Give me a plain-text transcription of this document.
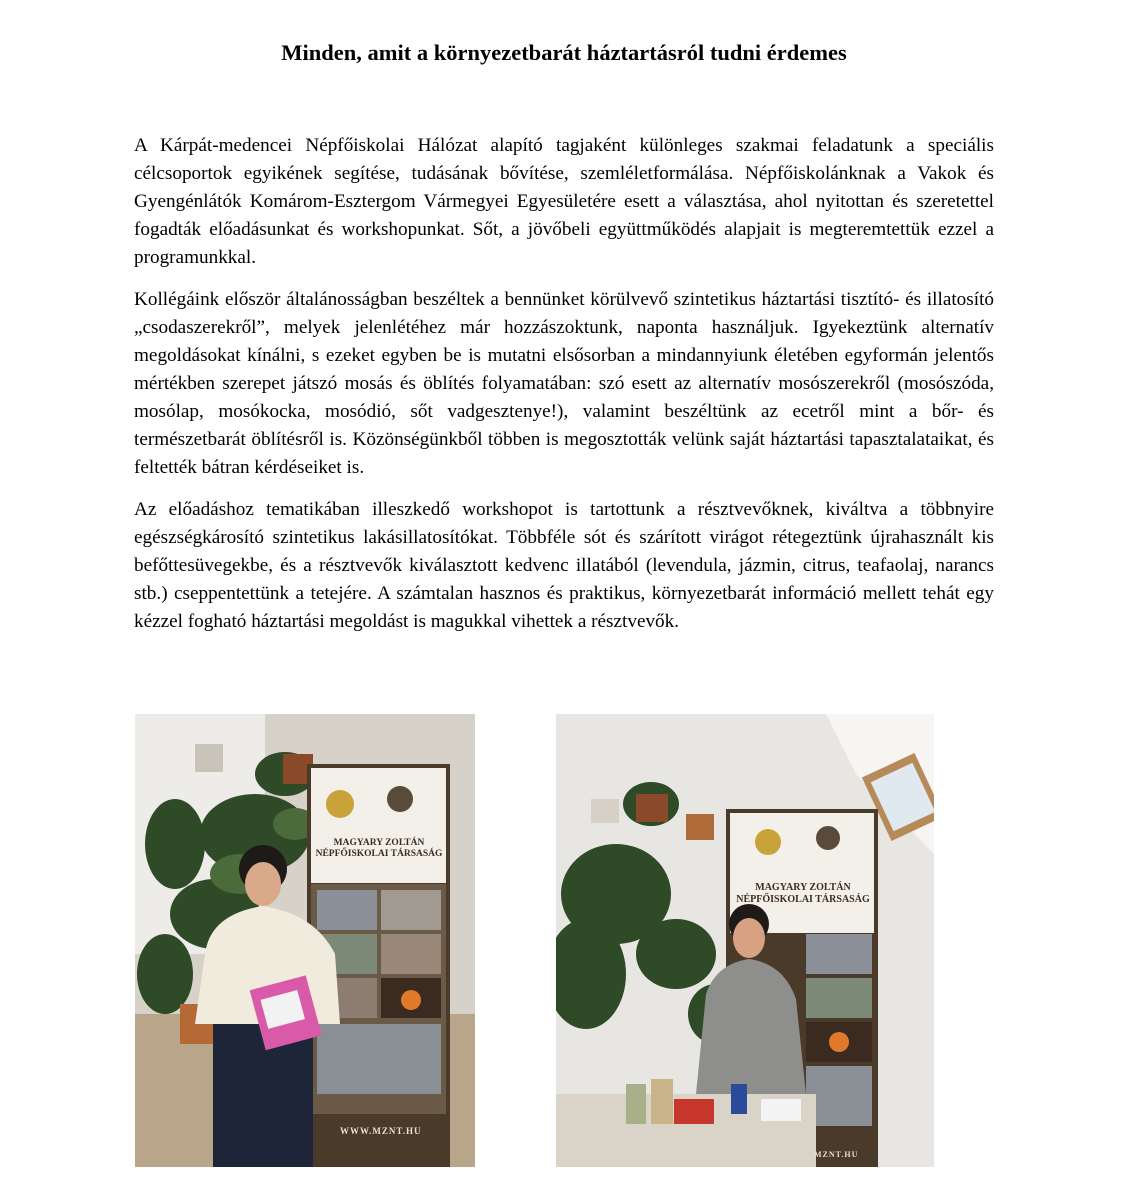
Minden, amit a környezetbarát háztartásról tudni érdemes

A Kárpát-medencei Népfőiskolai Hálózat alapító tagjaként különleges szakmai feladatunk a speciális célcsoportok egyikének segítése, tudásának bővítése, szemléletformálása. Népfőiskolánknak a Vakok és Gyengénlátók Komárom-Esztergom Vármegyei Egyesületére esett a választása, ahol nyitottan és szeretettel fogadták előadásunkat és workshopunkat. Sőt, a jövőbeli együttműködés alapjait is megteremtettük ezzel a programunkkal.

Kollégáink először általánosságban beszéltek a bennünket körülvevő szintetikus háztartási tisztító- és illatosító „csodaszerekről”, melyek jelenlétéhez már hozzászoktunk, naponta használjuk. Igyekeztünk alternatív megoldásokat kínálni, s ezeket egyben be is mutatni elsősorban a mindannyiunk életében egyformán jelentős mértékben szerepet játszó mosás és öblítés folyamatában: szó esett az alternatív mosószerekről (mosószóda, mosólap, mosókocka, mosódió, sőt vadgesztenye!), valamint beszéltünk az ecetről mint a bőr- és természetbarát öblítésről is. Közönségünkből többen is megosztották velünk saját háztartási tapasztalataikat, és feltették bátran kérdéseiket is.

Az előadáshoz tematikában illeszkedő workshopot is tartottunk a résztvevőknek, kiváltva a többnyire egészségkárosító szintetikus lakásillatosítókat. Többféle sót és szárított virágot rétegeztünk újrahasznált kis befőttesüvegekbe, és a résztvevők kiválasztott kedvenc illatából (levendula, jázmin, citrus, teafaolaj, narancs stb.) cseppentettünk a tetejére. A számtalan hasznos és praktikus, környezetbarát információ mellett tehát egy kézzel fogható háztartási megoldást is magukkal vihettek a résztvevők.

MAGYARY ZOLTÁN
NÉPFŐISKOLAI TÁRSASÁG
WWW.MZNT.HU
MAGYARY ZOLTÁN
NÉPFŐISKOLAI TÁRSASÁG
MZNT.HU
